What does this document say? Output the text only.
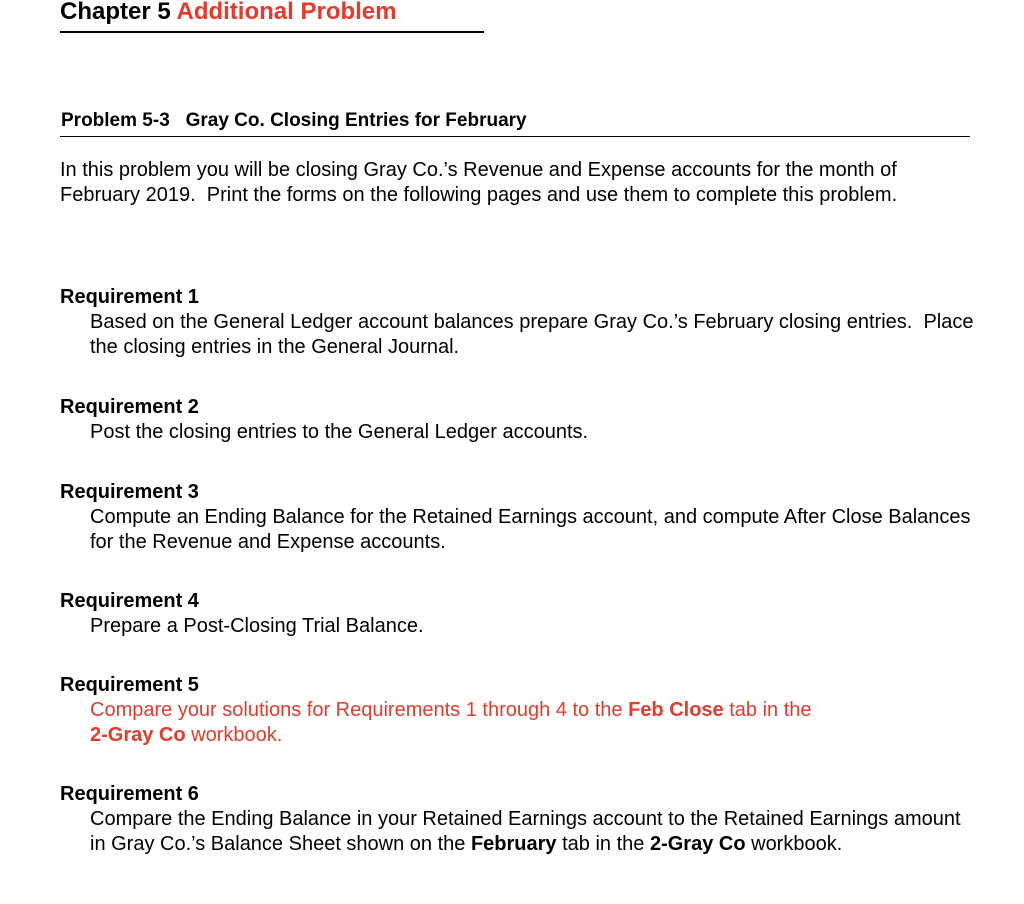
Chapter 5 Additional Problem
Problem 5-3   Gray Co. Closing Entries for February
In this problem you will be closing Gray Co.’s Revenue and Expense accounts for the month of February 2019.  Print the forms on the following pages and use them to complete this problem.

Requirement 1

Based on the General Ledger account balances prepare Gray Co.’s February closing entries.  Place the closing entries in the General Journal.

Requirement 2

Post the closing entries to the General Ledger accounts.

Requirement 3

Compute an Ending Balance for the Retained Earnings account, and compute After Close Balances for the Revenue and Expense accounts.

Requirement 4

Prepare a Post-Closing Trial Balance.

Requirement 5

Compare your solutions for Requirements 1 through 4 to the Feb Close tab in the
2-Gray Co workbook.

Requirement 6

Compare the Ending Balance in your Retained Earnings account to the Retained Earnings amount in Gray Co.’s Balance Sheet shown on the February tab in the 2-Gray Co workbook.
